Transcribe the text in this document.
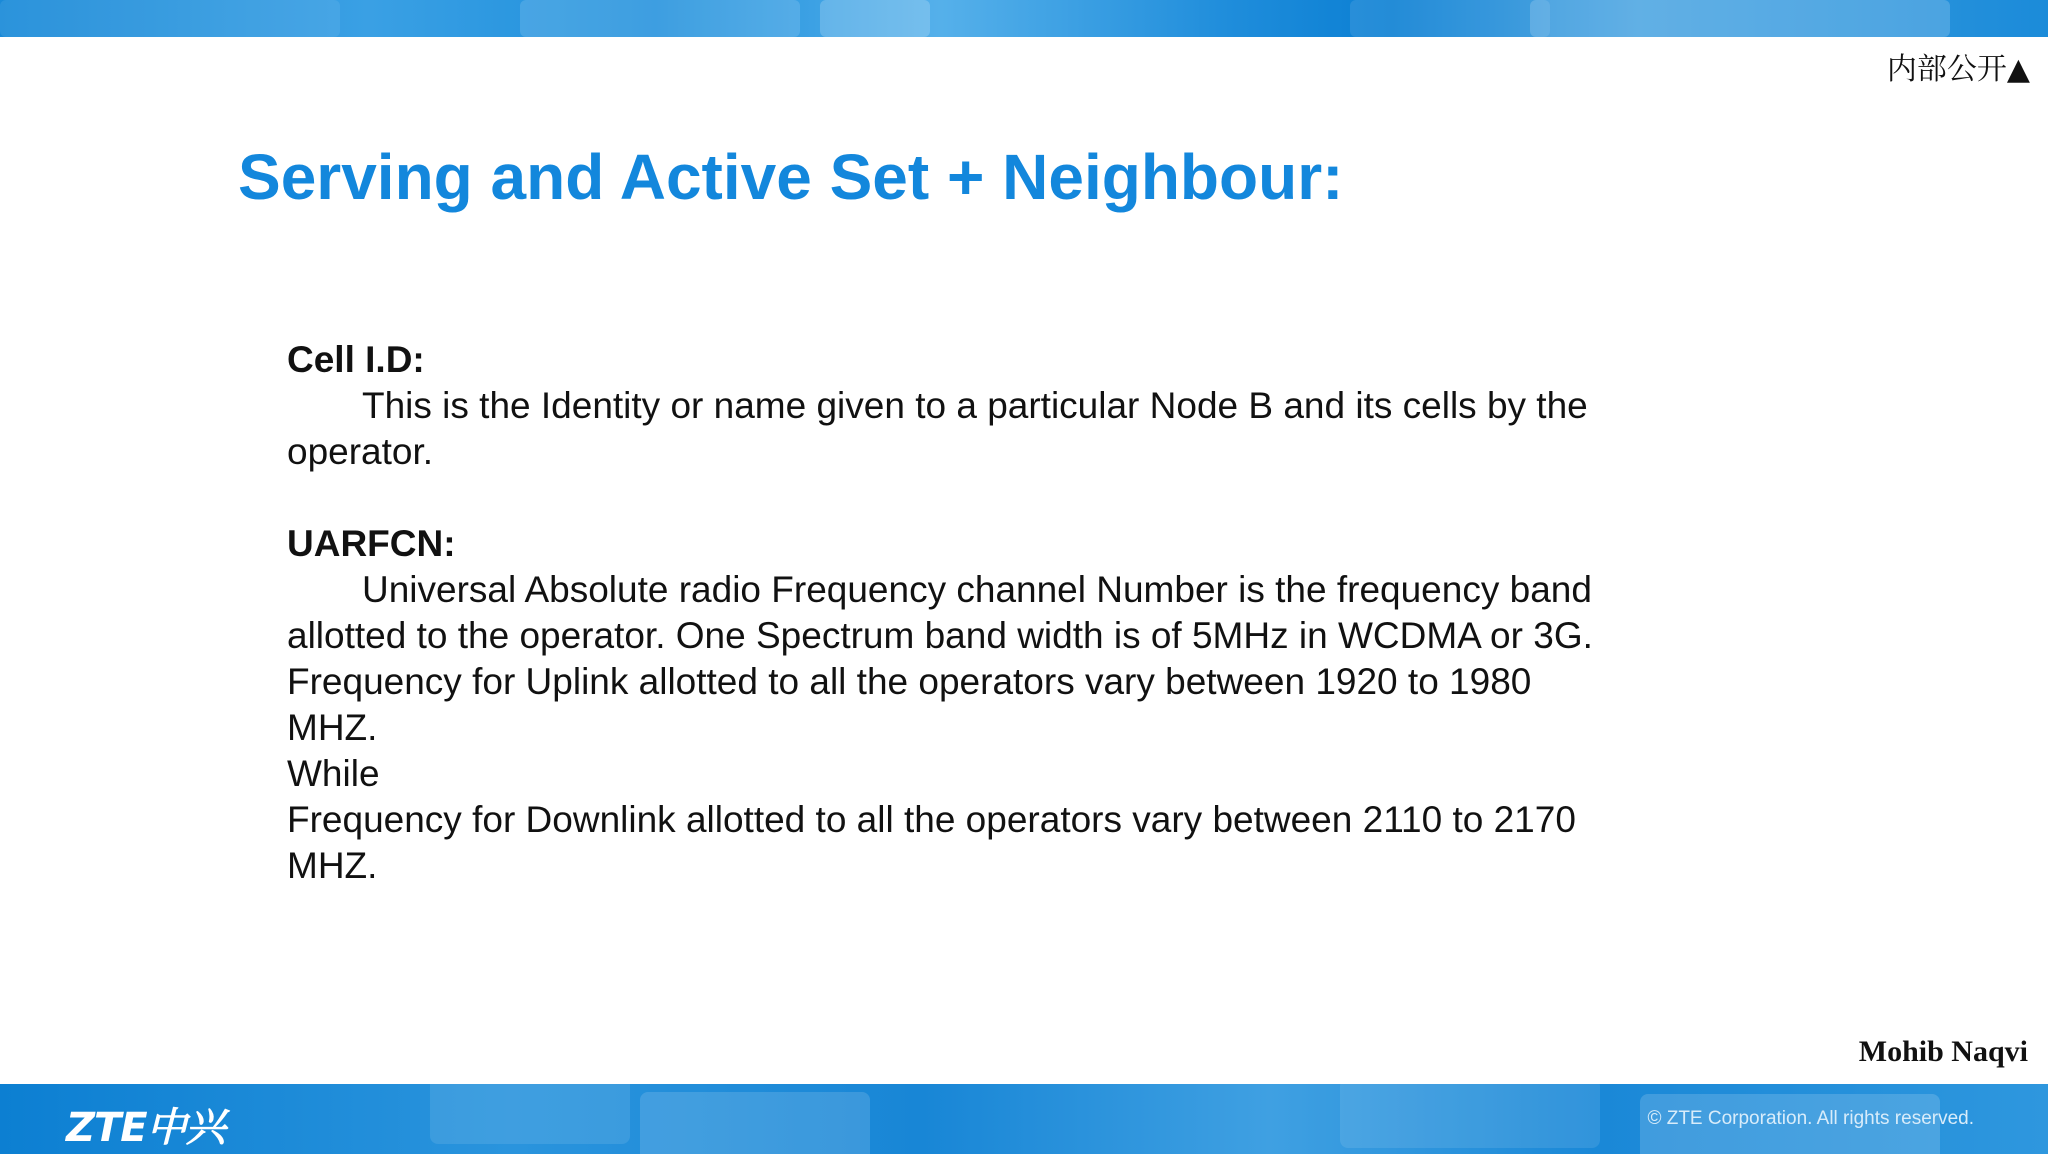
内部公开▲
Serving and Active Set + Neighbour:
Cell I.D:
This is the Identity or name given to a particular Node B and its cells by the
operator.
UARFCN:
Universal Absolute radio Frequency channel Number is the frequency band
allotted to the operator. One Spectrum band width is of 5MHz in WCDMA or 3G.
Frequency for Uplink allotted to all the operators vary between 1920 to 1980
MHZ.
While
Frequency for Downlink allotted to all the operators vary between 2110 to 2170
MHZ.
Mohib Naqvi
ZTE中兴	© ZTE Corporation. All rights reserved.
